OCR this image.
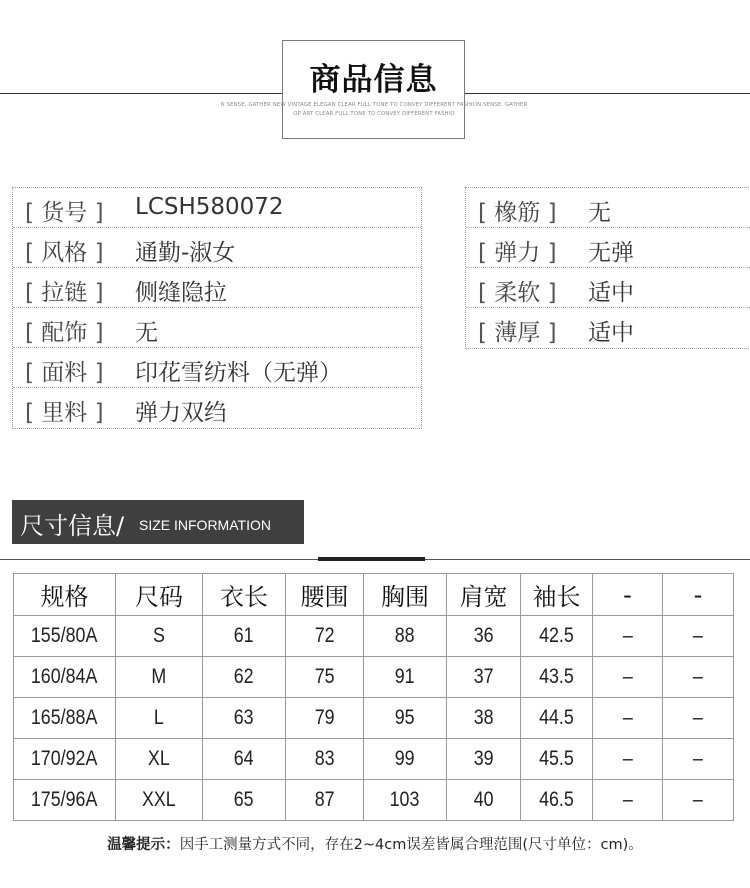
商品信息
N SENSE, GATHER NEW VINTAGE ELEGAN CLEAR FULL TONE TO CONVEY DIFFERENT FASHION SENSE, GATHER
OP ART CLEAR FULL TONE TO CONVEY DIFFERENT FASHIO
[ 货号 ] LCSH580072
[ 风格 ] 通勤-淑女
[ 拉链 ] 侧缝隐拉
[ 配饰 ] 无
[ 面料 ] 印花雪纺料（无弹）
[ 里料 ] 弹力双绉
[ 橡筋 ] 无
[ 弹力 ] 无弹
[ 柔软 ] 适中
[ 薄厚 ] 适中
尺寸信息/ SIZE INFORMATION
规格	尺码	衣长	腰围	胸围	肩宽	袖长	-	-
155/80A	S	61	72	88	36	42.5	–	–
160/84A	M	62	75	91	37	43.5	–	–
165/88A	L	63	79	95	38	44.5	–	–
170/92A	XL	64	83	99	39	45.5	–	–
175/96A	XXL	65	87	103	40	46.5	–	–
温馨提示：因手工测量方式不同，存在2~4cm误差皆属合理范围(尺寸单位：cm)。
